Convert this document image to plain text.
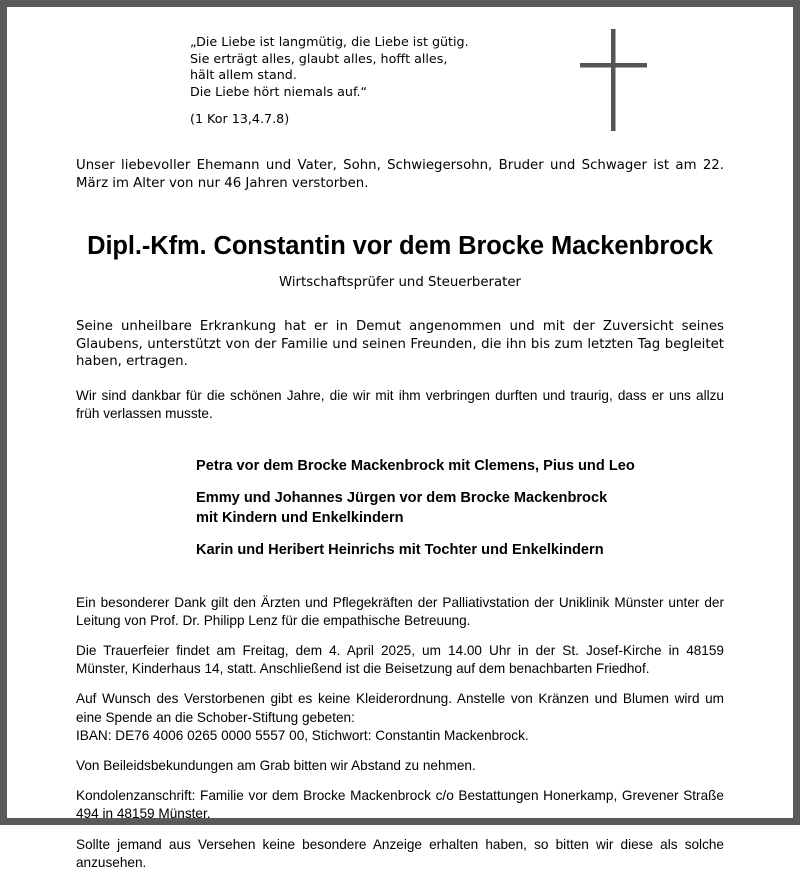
„Die Liebe ist langmütig, die Liebe ist gütig.
Sie erträgt alles, glaubt alles, hofft alles,
hält allem stand.
Die Liebe hört niemals auf.“
(1 Kor 13,4.7.8)

Unser liebevoller Ehemann und Vater, Sohn, Schwiegersohn, Bruder und Schwager ist am 22. März im Alter von nur 46 Jahren verstorben.

Dipl.-Kfm. Constantin vor dem Brocke Mackenbrock

Wirtschaftsprüfer und Steuerberater

Seine unheilbare Erkrankung hat er in Demut angenommen und mit der Zuversicht seines Glaubens, unterstützt von der Familie und seinen Freunden, die ihn bis zum letzten Tag begleitet haben, ertragen.

Wir sind dankbar für die schönen Jahre, die wir mit ihm verbringen durften und traurig, dass er uns allzu früh verlassen musste.

Petra vor dem Brocke Mackenbrock mit Clemens, Pius und Leo

Emmy und Johannes Jürgen vor dem Brocke Mackenbrock
mit Kindern und Enkelkindern

Karin und Heribert Heinrichs mit Tochter und Enkelkindern

Ein besonderer Dank gilt den Ärzten und Pflegekräften der Palliativstation der Uniklinik Münster unter der Leitung von Prof. Dr. Philipp Lenz für die empathische Betreuung.

Die Trauerfeier findet am Freitag, dem 4. April 2025, um 14.00 Uhr in der St. Josef-Kirche in 48159 Münster, Kinderhaus 14, statt. Anschließend ist die Beisetzung auf dem benachbarten Friedhof.

Auf Wunsch des Verstorbenen gibt es keine Kleiderordnung. Anstelle von Kränzen und Blumen wird um eine Spende an die Schober-Stiftung gebeten:
IBAN: DE76 4006 0265 0000 5557 00, Stichwort: Constantin Mackenbrock.

Von Beileidsbekundungen am Grab bitten wir Abstand zu nehmen.

Kondolenzanschrift: Familie vor dem Brocke Mackenbrock c/o Bestattungen Honerkamp, Grevener Straße 494 in 48159 Münster.

Sollte jemand aus Versehen keine besondere Anzeige erhalten haben, so bitten wir diese als solche anzusehen.
